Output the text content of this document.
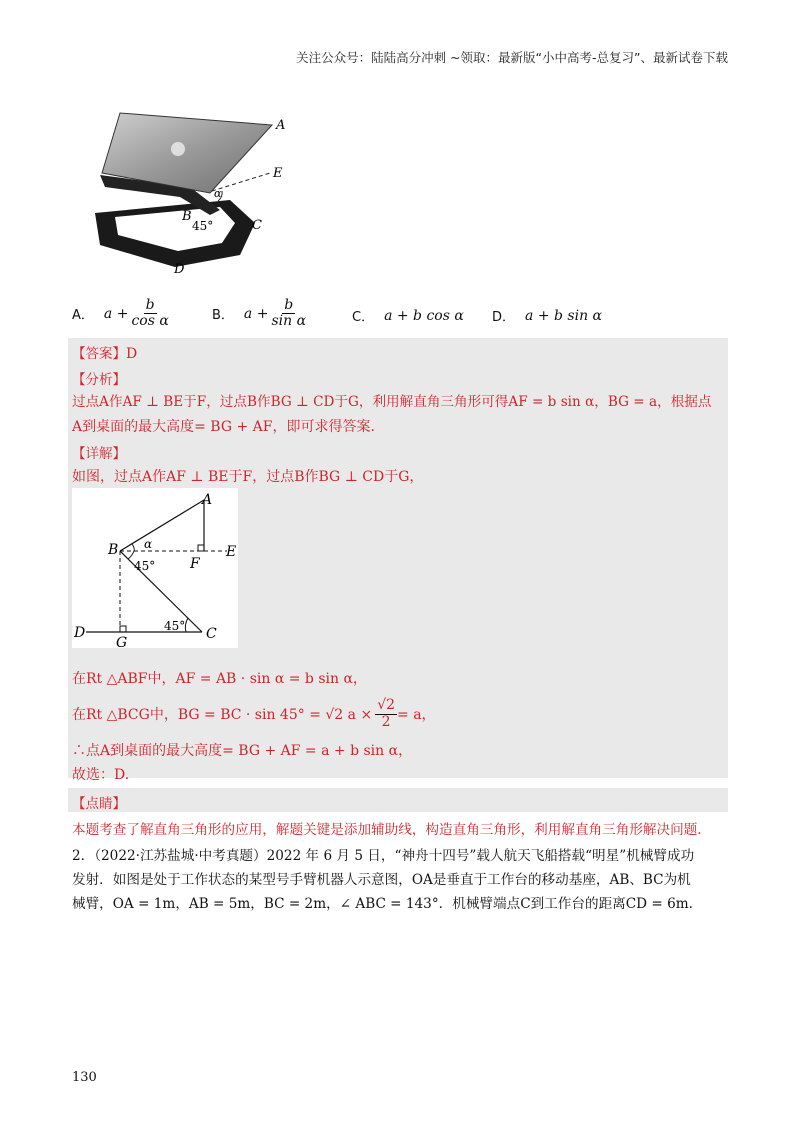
关注公众号：陆陆高分冲刺 ~领取：最新版“小中高考-总复习”、最新试卷下载
A
E
α
B
45°	C
D
A． $a + \frac{b}{\text{cos α}}$	B． $a + \frac{b}{\text{sin α}}$	C． a + b cos α D． a + b sin α
【答案】D
【分析】
过点A作AF ⊥ BE于F，过点B作BG ⊥ CD于G，利用解直角三角形可得AF = b sin α，BG = a，根据点
A到桌面的最大高度= BG + AF，即可求得答案.
【详解】
如图，过点A作AF ⊥ BE于F，过点B作BG ⊥ CD于G，
A
B α
45°
E
F
D
G
45° C
在Rt △ABF中，AF = AB · sin α = b sin α，
在Rt △BCG中，BG = BC · sin 45° = √2 $a \times \frac{√2}{2} = a$，
∴点A到桌面的最大高度= BG + AF = a + b sin α，
故选：D.
【点睛】
本题考查了解直角三角形的应用，解题关键是添加辅助线，构造直角三角形，利用解直角三角形解决问题.
2．（2022·江苏盐城·中考真题）2022 年 6 月 5 日，“神舟十四号”载人航天飞船搭载“明星”机械臂成功
发射．如图是处于工作状态的某型号手臂机器人示意图，OA是垂直于工作台的移动基座，AB、BC为机
械臂，OA = 1m，AB = 5m，BC = 2m，∠ ABC = 143°．机械臂端点C到工作台的距离CD = 6m.
130
